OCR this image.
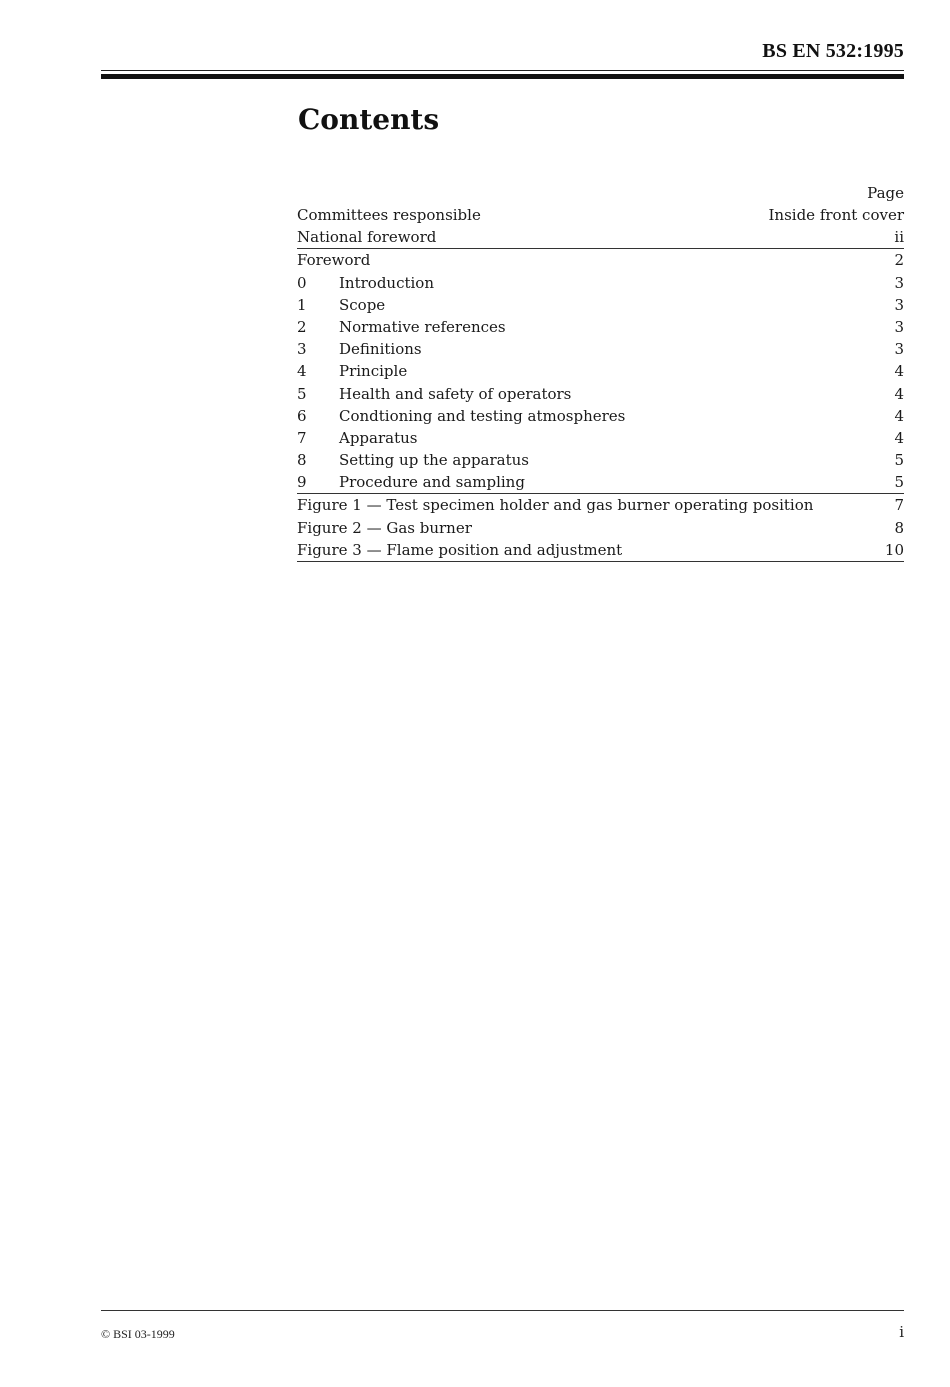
BS EN 532:1995
Contents
Page
Committees responsible	Inside front cover
National foreword	ii
Foreword	2
0	Introduction	3
1	Scope	3
2	Normative references	3
3	Definitions	3
4	Principle	4
5	Health and safety of operators	4
6	Condtioning and testing atmospheres	4
7	Apparatus	4
8	Setting up the apparatus	5
9	Procedure and sampling	5
Figure 1 — Test specimen holder and gas burner operating position	7
Figure 2 — Gas burner	8
Figure 3 — Flame position and adjustment	10
© BSI 03-1999	i
